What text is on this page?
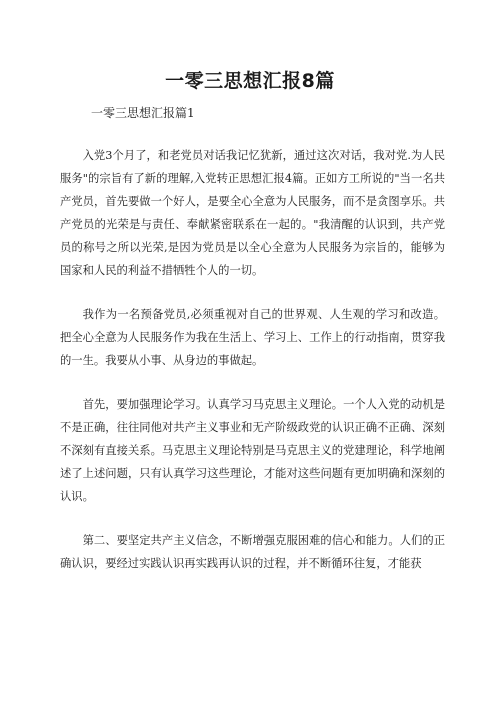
一零三思想汇报8篇
一零三思想汇报篇1

入党3个月了，和老党员对话我记忆犹新，通过这次对话，我对党.为人民服务"的宗旨有了新的理解,入党转正思想汇报4篇。正如方工所说的"当一名共产党员，首先要做一个好人，是要全心全意为人民服务，而不是贪图享乐。共产党员的光荣是与责任、奉献紧密联系在一起的。"我清醒的认识到，共产党员的称号之所以光荣,是因为党员是以全心全意为人民服务为宗旨的，能够为国家和人民的利益不措牺牲个人的一切。

我作为一名预备党员,必须重视对自己的世界观、人生观的学习和改造。把全心全意为人民服务作为我在生活上、学习上、工作上的行动指南，贯穿我的一生。我要从小事、从身边的事做起。

首先，要加强理论学习。认真学习马克思主义理论。一个人入党的动机是不是正确，往往同他对共产主义事业和无产阶级政党的认识正确不正确、深刻不深刻有直接关系。马克思主义理论特别是马克思主义的党建理论，科学地阐述了上述问题，只有认真学习这些理论，才能对这些问题有更加明确和深刻的认识。

第二、要坚定共产主义信念，不断增强克服困难的信心和能力。人们的正确认识，要经过实践认识再实践再认识的过程，并不断循环往复，才能获
